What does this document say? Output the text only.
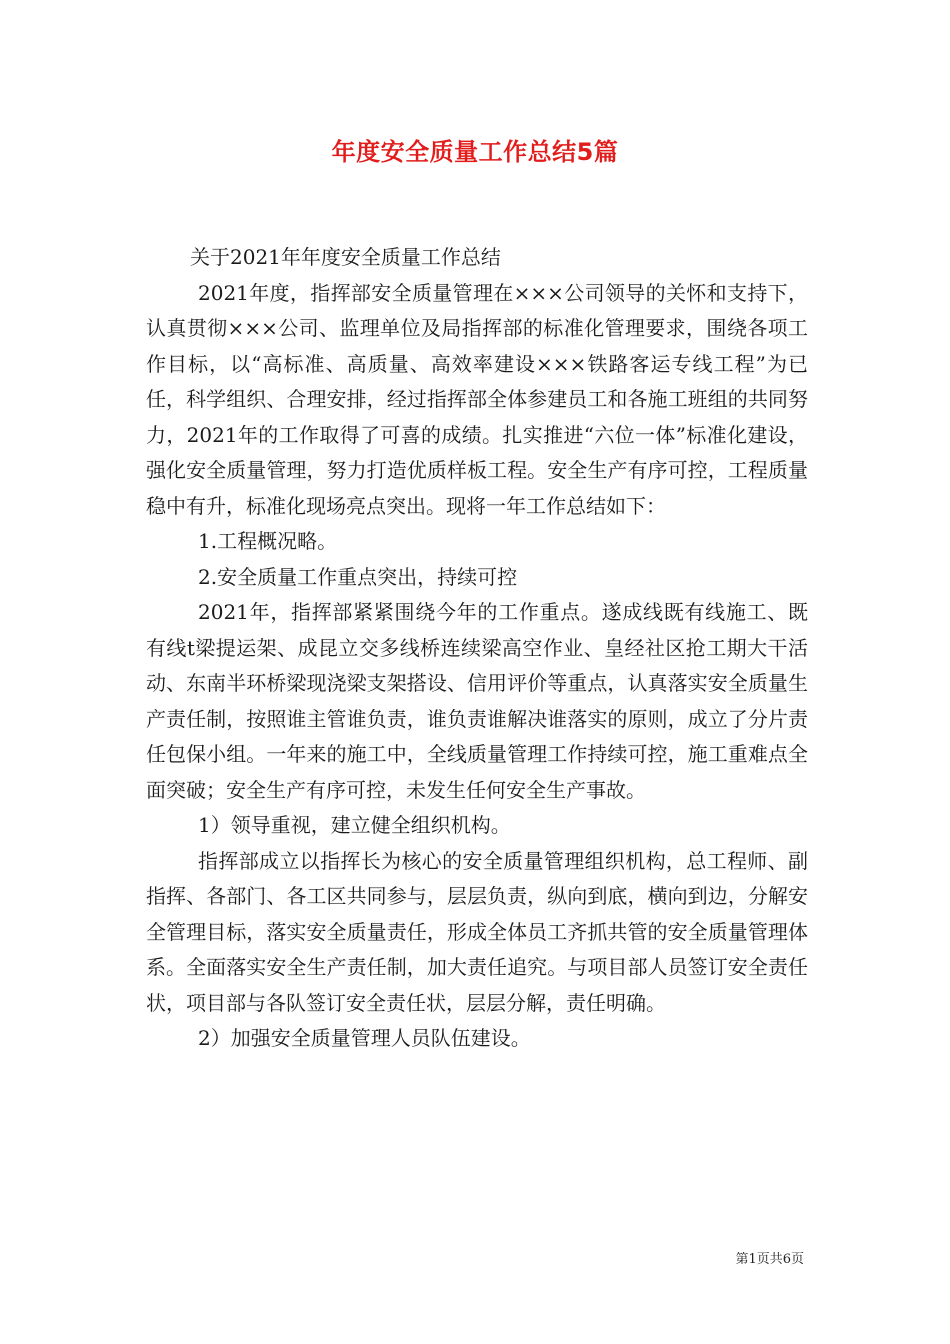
年度安全质量工作总结5篇

关于2021年年度安全质量工作总结

2021年度，指挥部安全质量管理在×××公司领导的关怀和支持下，认真贯彻×××公司、监理单位及局指挥部的标准化管理要求，围绕各项工作目标，以“高标准、高质量、高效率建设×××铁路客运专线工程”为已任，科学组织、合理安排，经过指挥部全体参建员工和各施工班组的共同努力，2021年的工作取得了可喜的成绩。扎实推进“六位一体”标准化建设，强化安全质量管理，努力打造优质样板工程。安全生产有序可控，工程质量稳中有升，标准化现场亮点突出。现将一年工作总结如下：

1.工程概况略。

2.安全质量工作重点突出，持续可控

2021年，指挥部紧紧围绕今年的工作重点。遂成线既有线施工、既有线t梁提运架、成昆立交多线桥连续梁高空作业、皇经社区抢工期大干活动、东南半环桥梁现浇梁支架搭设、信用评价等重点，认真落实安全质量生产责任制，按照谁主管谁负责，谁负责谁解决谁落实的原则，成立了分片责任包保小组。一年来的施工中，全线质量管理工作持续可控，施工重难点全面突破；安全生产有序可控，未发生任何安全生产事故。

1）领导重视，建立健全组织机构。

指挥部成立以指挥长为核心的安全质量管理组织机构，总工程师、副指挥、各部门、各工区共同参与，层层负责，纵向到底，横向到边，分解安全管理目标，落实安全质量责任，形成全体员工齐抓共管的安全质量管理体系。全面落实安全生产责任制，加大责任追究。与项目部人员签订安全责任状，项目部与各队签订安全责任状，层层分解，责任明确。

2）加强安全质量管理人员队伍建设。

第1页共6页
